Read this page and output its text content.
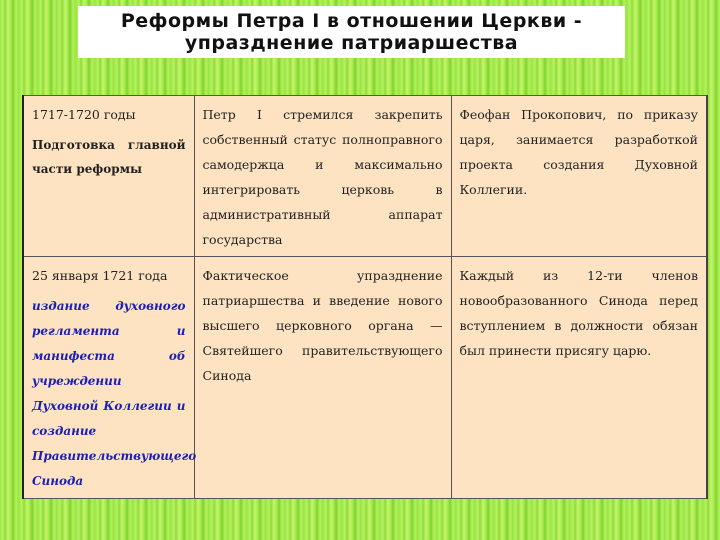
Реформы Петра I в отношении Церкви -
упразднение патриаршества
1717-1720 годы
Подготовка главной части реформы	Петр I стремился закрепить собственный статус полноправного самодержца и максимально интегрировать церковь в административный аппарат государства	Феофан Прокопович, по приказу царя, занимается разработкой проекта создания Духовной Коллегии.

25 января 1721 года
издание духовного регламента и манифеста об учреждении Духовной Коллегии и создание Правительствующего Синода	Фактическое упразднение патриаршества и введение нового высшего церковного органа — Святейшего правительствующего Синода	Каждый из 12-ти членов новообразованного Синода перед вступлением в должности обязан был принести присягу царю.
